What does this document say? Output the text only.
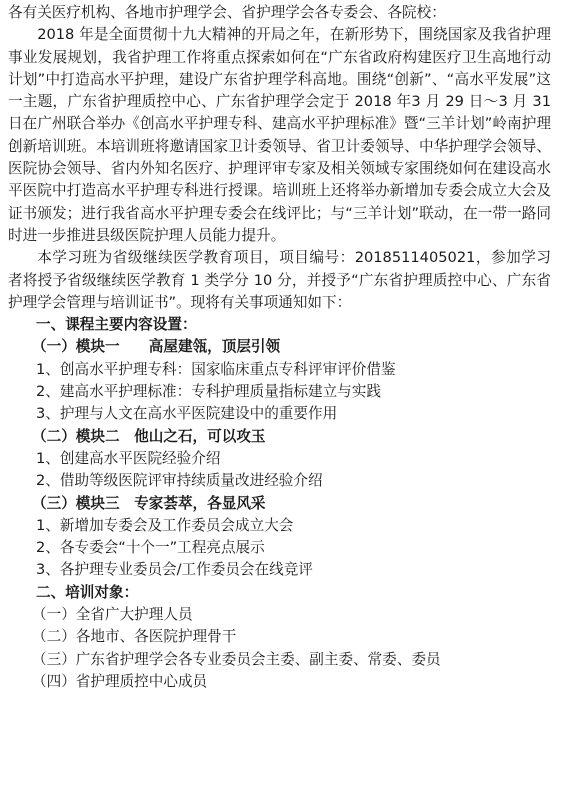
各有关医疗机构、各地市护理学会、省护理学会各专委会、各院校：

2018 年是全面贯彻十九大精神的开局之年，在新形势下，围绕国家及我省护理事业发展规划，我省护理工作将重点探索如何在“广东省政府构建医疗卫生高地行动计划”中打造高水平护理，建设广东省护理学科高地。围绕“创新”、“高水平发展”这一主题，广东省护理质控中心、广东省护理学会定于 2018 年3 月 29 日～3 月 31 日在广州联合举办《创高水平护理专科、建高水平护理标准》暨“三羊计划”岭南护理创新培训班。本培训班将邀请国家卫计委领导、省卫计委领导、中华护理学会领导、医院协会领导、省内外知名医疗、护理评审专家及相关领域专家围绕如何在建设高水平医院中打造高水平护理专科进行授课。培训班上还将举办新增加专委会成立大会及证书颁发；进行我省高水平护理专委会在线评比；与“三羊计划”联动，在一带一路同时进一步推进县级医院护理人员能力提升。

本学习班为省级继续医学教育项目，项目编号：2018511405021，参加学习者将授予省级继续医学教育 1 类学分 10 分，并授予“广东省护理质控中心、广东省护理学会管理与培训证书”。现将有关事项通知如下：

一、课程主要内容设置：
（一）模块一　　高屋建瓴，顶层引领
1、创高水平护理专科：国家临床重点专科评审评价借鉴
2、建高水平护理标准：专科护理质量指标建立与实践
3、护理与人文在高水平医院建设中的重要作用
（二）模块二　他山之石，可以攻玉
1、创建高水平医院经验介绍
2、借助等级医院评审持续质量改进经验介绍
（三）模块三　专家荟萃，各显风采
1、新增加专委会及工作委员会成立大会
2、各专委会“十个一”工程亮点展示
3、各护理专业委员会/工作委员会在线竞评
二、培训对象：
（一）全省广大护理人员
（二）各地市、各医院护理骨干
（三）广东省护理学会各专业委员会主委、副主委、常委、委员
（四）省护理质控中心成员
